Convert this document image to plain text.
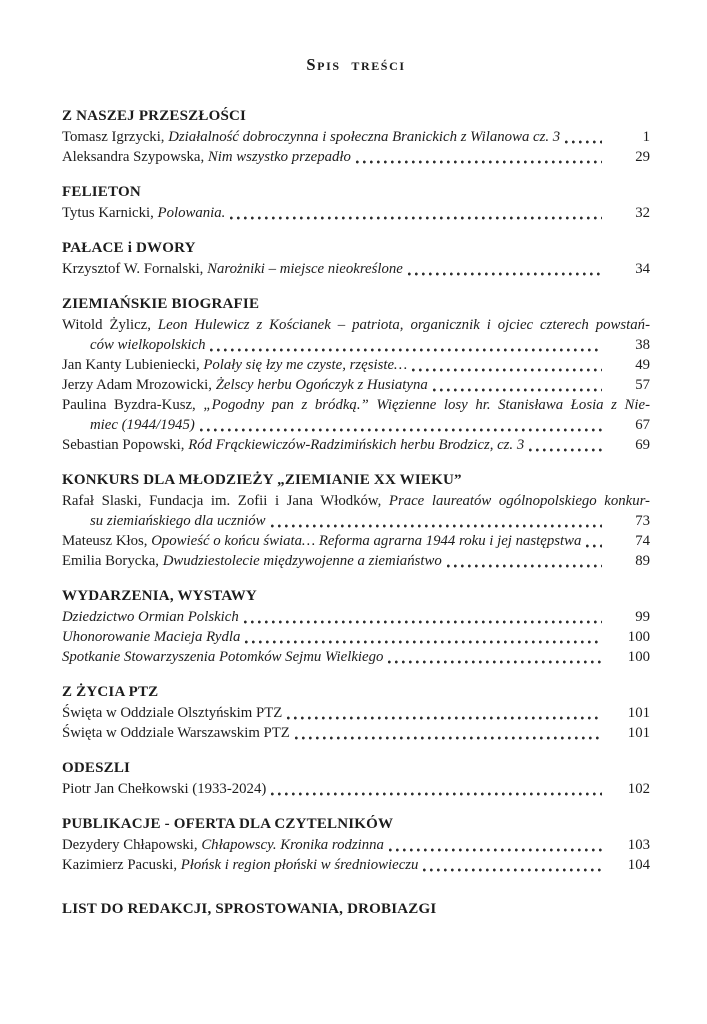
Spis treści
Z NASZEJ PRZESZŁOŚCI
Tomasz Igrzycki, Działalność dobroczynna i społeczna Branickich z Wilanowa cz. 3	1
Aleksandra Szypowska, Nim wszystko przepadło	29
FELIETON
Tytus Karnicki, Polowania.	32
PAŁACE i DWORY
Krzysztof W. Fornalski, Narożniki – miejsce nieokreślone	34
ZIEMIAŃSKIE BIOGRAFIE
Witold Żylicz, Leon Hulewicz z Kościanek – patriota, organicznik i ojciec czterech powstań-
ców wielkopolskich	38
Jan Kanty Lubieniecki, Polały się łzy me czyste, rzęsiste…	49
Jerzy Adam Mrozowicki, Żelscy herbu Ogończyk z Husiatyna	57
Paulina Byzdra-Kusz, „Pogodny pan z bródką.” Więzienne losy hr. Stanisława Łosia z Nie-
miec (1944/1945)	67
Sebastian Popowski, Ród Frąckiewiczów-Radzimińskich herbu Brodzicz, cz. 3	69
KONKURS DLA MŁODZIEŻY „ZIEMIANIE XX WIEKU”
Rafał Slaski, Fundacja im. Zofii i Jana Włodków, Prace laureatów ogólnopolskiego konkur-
su ziemiańskiego dla uczniów	73
Mateusz Kłos, Opowieść o końcu świata… Reforma agrarna 1944 roku i jej następstwa	74
Emilia Borycka, Dwudziestolecie międzywojenne a ziemiaństwo	89
WYDARZENIA, WYSTAWY
Dziedzictwo Ormian Polskich	99
Uhonorowanie Macieja Rydla	100
Spotkanie Stowarzyszenia Potomków Sejmu Wielkiego	100
Z ŻYCIA PTZ
Święta w Oddziale Olsztyńskim PTZ	101
Święta w Oddziale Warszawskim PTZ	101
ODESZLI
Piotr Jan Chełkowski (1933-2024)	102
PUBLIKACJE - OFERTA DLA CZYTELNIKÓW
Dezydery Chłapowski, Chłapowscy. Kronika rodzinna	103
Kazimierz Pacuski, Płońsk i region płoński w średniowieczu	104
LIST DO REDAKCJI, SPROSTOWANIA, DROBIAZGI
